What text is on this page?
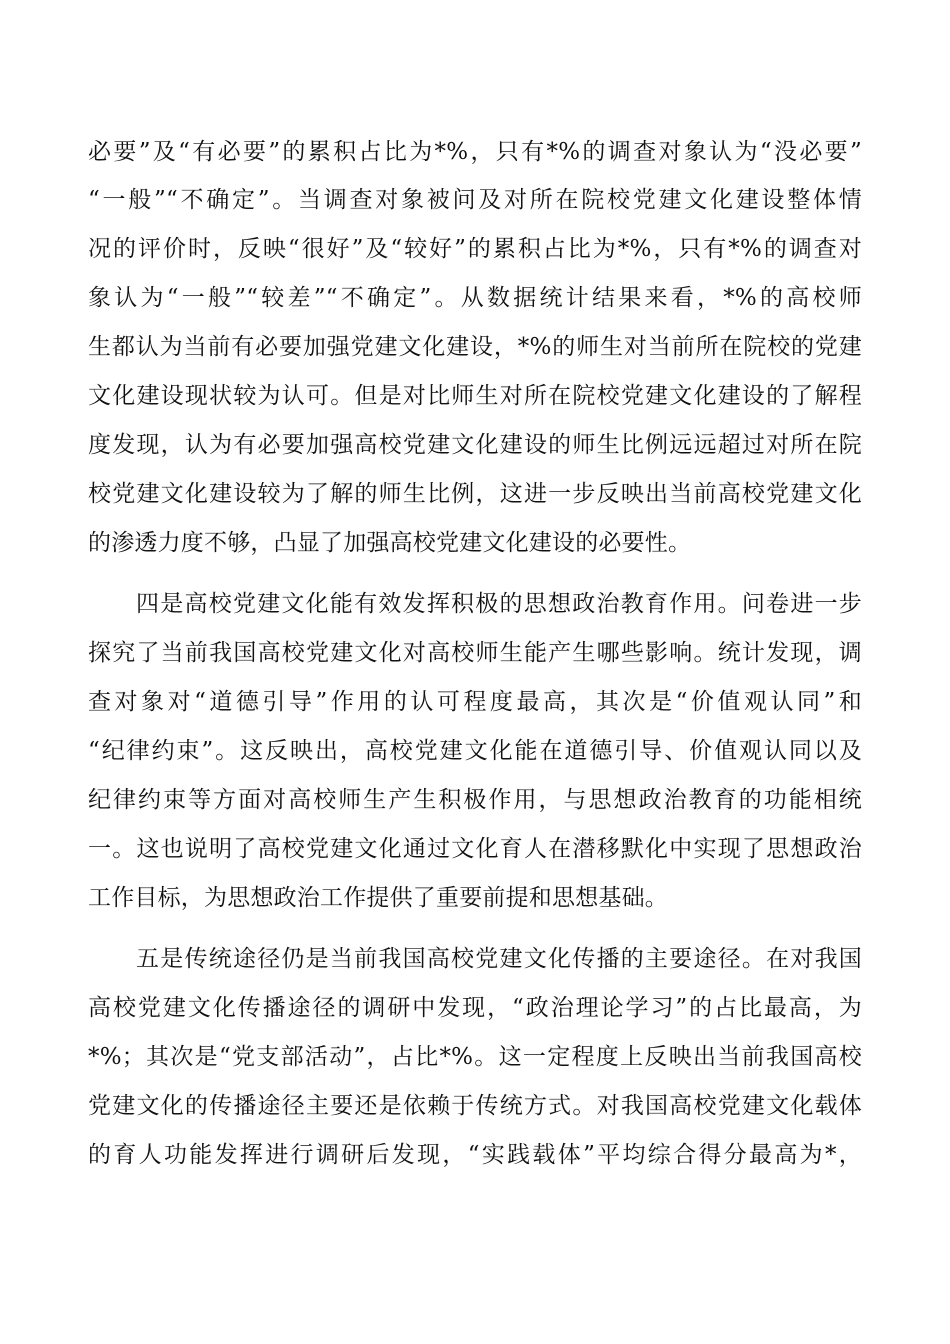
必要”及“有必要”的累积占比为*%，只有*%的调查对象认为“没必要”
“一般”“不确定”。当调查对象被问及对所在院校党建文化建设整体情
况的评价时，反映“很好”及“较好”的累积占比为*%，只有*%的调查对
象认为“一般”“较差”“不确定”。从数据统计结果来看，*%的高校师
生都认为当前有必要加强党建文化建设，*%的师生对当前所在院校的党建
文化建设现状较为认可。但是对比师生对所在院校党建文化建设的了解程
度发现，认为有必要加强高校党建文化建设的师生比例远远超过对所在院
校党建文化建设较为了解的师生比例，这进一步反映出当前高校党建文化
的渗透力度不够，凸显了加强高校党建文化建设的必要性。
四是高校党建文化能有效发挥积极的思想政治教育作用。问卷进一步
探究了当前我国高校党建文化对高校师生能产生哪些影响。统计发现，调
查对象对“道德引导”作用的认可程度最高，其次是“价值观认同”和
“纪律约束”。这反映出，高校党建文化能在道德引导、价值观认同以及
纪律约束等方面对高校师生产生积极作用，与思想政治教育的功能相统
一。这也说明了高校党建文化通过文化育人在潜移默化中实现了思想政治
工作目标，为思想政治工作提供了重要前提和思想基础。
五是传统途径仍是当前我国高校党建文化传播的主要途径。在对我国
高校党建文化传播途径的调研中发现，“政治理论学习”的占比最高，为
*%；其次是“党支部活动”，占比*%。这一定程度上反映出当前我国高校
党建文化的传播途径主要还是依赖于传统方式。对我国高校党建文化载体
的育人功能发挥进行调研后发现，“实践载体”平均综合得分最高为*，
